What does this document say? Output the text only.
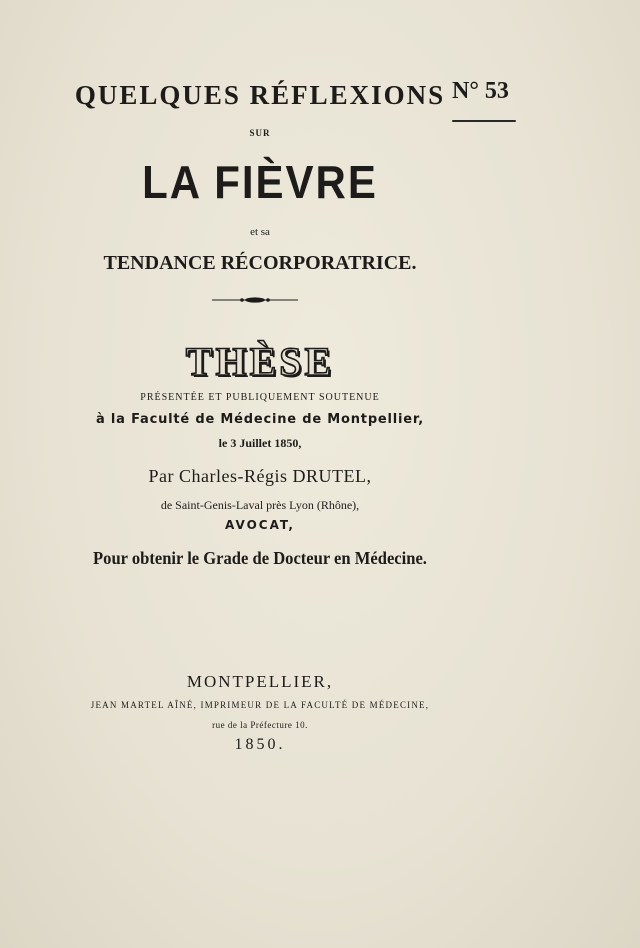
QUELQUES RÉFLEXIONS N° 53
SUR
LA FIÈVRE
et sa
TENDANCE RÉCORPORATRICE.
THÈSE
PRÉSENTÉE ET PUBLIQUEMENT SOUTENUE
à la Faculté de Médecine de Montpellier,
le 3 Juillet 1850,
Par Charles-Régis DRUTEL,
de Saint-Genis-Laval près Lyon (Rhône),
AVOCAT,
Pour obtenir le Grade de Docteur en Médecine.
MONTPELLIER,
JEAN MARTEL AÎNÉ, IMPRIMEUR DE LA FACULTÉ DE MÉDECINE,
rue de la Préfecture 10.
1850.
